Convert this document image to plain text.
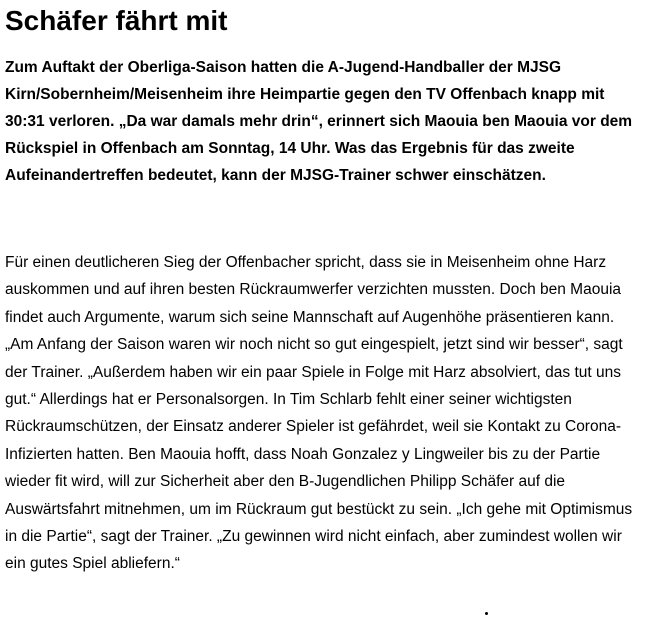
Schäfer fährt mit

Zum Auftakt der Oberliga-Saison hatten die A-Jugend-Handballer der MJSG Kirn/Sobernheim/Meisenheim ihre Heimpartie gegen den TV Offenbach knapp mit 30:31 verloren. „Da war damals mehr drin“, erinnert sich Maouia ben Maouia vor dem Rückspiel in Offenbach am Sonntag, 14 Uhr. Was das Ergebnis für das zweite Aufeinandertreffen bedeutet, kann der MJSG-Trainer schwer einschätzen.

Für einen deutlicheren Sieg der Offenbacher spricht, dass sie in Meisenheim ohne Harz auskommen und auf ihren besten Rückraumwerfer verzichten mussten. Doch ben Maouia findet auch Argumente, warum sich seine Mannschaft auf Augenhöhe präsentieren kann. „Am Anfang der Saison waren wir noch nicht so gut eingespielt, jetzt sind wir besser“, sagt der Trainer. „Außerdem haben wir ein paar Spiele in Folge mit Harz absolviert, das tut uns gut.“ Allerdings hat er Personalsorgen. In Tim Schlarb fehlt einer seiner wichtigsten Rückraumschützen, der Einsatz anderer Spieler ist gefährdet, weil sie Kontakt zu Corona-Infizierten hatten. Ben Maouia hofft, dass Noah Gonzalez y Lingweiler bis zu der Partie wieder fit wird, will zur Sicherheit aber den B-Jugendlichen Philipp Schäfer auf die Auswärtsfahrt mitnehmen, um im Rückraum gut bestückt zu sein. „Ich gehe mit Optimismus in die Partie“, sagt der Trainer. „Zu gewinnen wird nicht einfach, aber zumindest wollen wir ein gutes Spiel abliefern.“
